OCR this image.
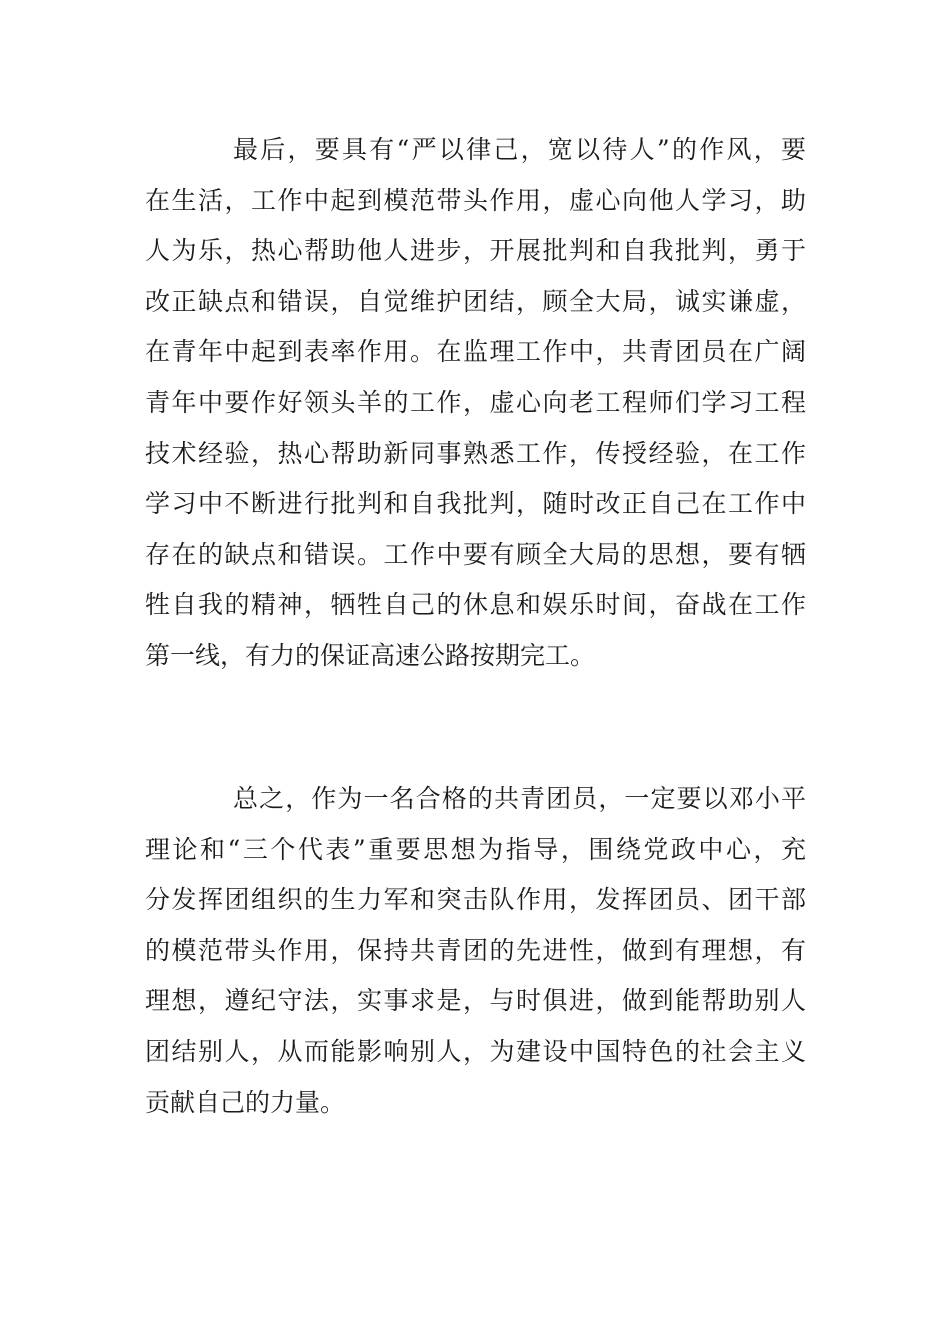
最后，要具有“严以律己，宽以待人”的作风，要
在生活，工作中起到模范带头作用，虚心向他人学习，助
人为乐，热心帮助他人进步，开展批判和自我批判，勇于
改正缺点和错误，自觉维护团结，顾全大局，诚实谦虚，
在青年中起到表率作用。在监理工作中，共青团员在广阔
青年中要作好领头羊的工作，虚心向老工程师们学习工程
技术经验，热心帮助新同事熟悉工作，传授经验，在工作
学习中不断进行批判和自我批判，随时改正自己在工作中
存在的缺点和错误。工作中要有顾全大局的思想，要有牺
牲自我的精神，牺牲自己的休息和娱乐时间，奋战在工作
第一线，有力的保证高速公路按期完工。
总之，作为一名合格的共青团员，一定要以邓小平
理论和“三个代表”重要思想为指导，围绕党政中心，充
分发挥团组织的生力军和突击队作用，发挥团员、团干部
的模范带头作用，保持共青团的先进性，做到有理想，有
理想，遵纪守法，实事求是，与时俱进，做到能帮助别人
团结别人，从而能影响别人，为建设中国特色的社会主义
贡献自己的力量。
